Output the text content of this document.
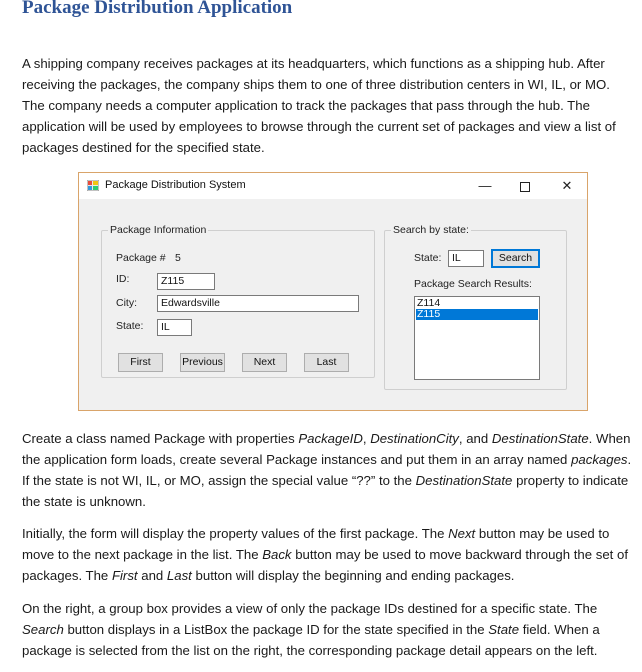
Package Distribution Application
A shipping company receives packages at its headquarters, which functions as a shipping hub. After
receiving the packages, the company ships them to one of three distribution centers in WI, IL, or MO.
The company needs a computer application to track the packages that pass through the hub. The
application will be used by employees to browse through the current set of packages and view a list of
packages destined for the specified state.
Package Distribution System	—	✕
Package Information
Package # 5
ID:	Z115
City:	Edwardsville
State:	IL
First	Previous	Next	Last
Search by state:
State:	IL	Search
Package Search Results:
Z114
Z115
Create a class named Package with properties PackageID, DestinationCity, and DestinationState. When
the application form loads, create several Package instances and put them in an array named packages.
If the state is not WI, IL, or MO, assign the special value “??” to the DestinationState property to indicate
the state is unknown.
Initially, the form will display the property values of the first package. The Next button may be used to
move to the next package in the list. The Back button may be used to move backward through the set of
packages. The First and Last button will display the beginning and ending packages.
On the right, a group box provides a view of only the package IDs destined for a specific state. The
Search button displays in a ListBox the package ID for the state specified in the State field. When a
package is selected from the list on the right, the corresponding package detail appears on the left.
